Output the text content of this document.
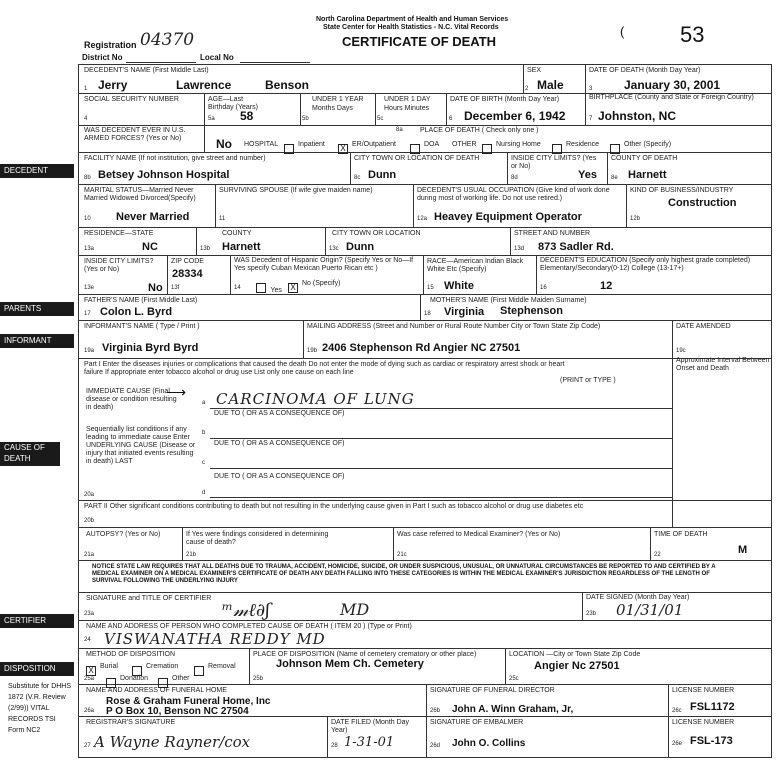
North Carolina Department of Health and Human Services
State Center for Health Statistics - N.C. Vital Records
CERTIFICATE OF DEATH	53
(
Registration 04370
District No	Local No
DECEDENT
PARENTS
INFORMANT
CAUSE OF DEATH
CERTIFIER
DISPOSITION
Substitute for DHHS 1872 (V.R. Review (2/99)) VITAL RECORDS TSI Form NC2
DECEDENT'S NAME (First Middle Last)
1 Jerry	Lawrence	Benson
SEX
2 Male
DATE OF DEATH (Month Day Year)
3	January 30, 2001
SOCIAL SECURITY NUMBER
4
AGE—Last Birthday (Years)
5a 58
UNDER 1 YEAR
Months Days
5b
UNDER 1 DAY
Hours Minutes
5c
DATE OF BIRTH (Month Day Year)
6 December 6, 1942
BIRTHPLACE (County and State or Foreign Country)
7 Johnston, NC
WAS DECEDENT EVER IN U.S. ARMED FORCES? (Yes or No)	No
PLACE OF DEATH ( Check only one )
8a
HOSPITAL	Inpatient X ER/Outpatient	DOA OTHER	Nursing Home	Residence	Other (Specify)
FACILITY NAME (If not institution, give street and number)
8b Betsey Johnson Hospital
CITY TOWN OR LOCATION OF DEATH
8c Dunn
INSIDE CITY LIMITS? (Yes or No)
8d	Yes
COUNTY OF DEATH
8e Harnett
MARITAL STATUS—Married Never Married Widowed Divorced(Specify)
10 Never Married
SURVIVING SPOUSE (If wife give maiden name)
11
DECEDENT'S USUAL OCCUPATION (Give kind of work done during most of working life. Do not use retired.)
12a Heavey Equipment Operator
KIND OF BUSINESS/INDUSTRY
12b
Construction
RESIDENCE—STATE
13a	NC
COUNTY
13b Harnett
CITY TOWN OR LOCATION
13c Dunn
STREET AND NUMBER
13d 873 Sadler Rd.
INSIDE CITY LIMITS? (Yes or No)
13e	No
ZIP CODE
13f
28334
WAS Decedent of Hispanic Origin? (Specify Yes or No—If Yes specify Cuban Mexican Puerto Rican etc )
14	Yes X No (Specify)
RACE—American Indian Black White Etc (Specify)
15 White
DECEDENT'S EDUCATION (Specify only highest grade completed) Elementary/Secondary(0-12) College (13-17+)
16	12
FATHER'S NAME (First Middle Last)
17 Colon L. Byrd
MOTHER'S NAME (First Middle Maiden Surname)
18 Virginia Stephenson
INFORMANT'S NAME ( Type / Print )
19a Virginia Byrd Byrd
MAILING ADDRESS (Street and Number or Rural Route Number City or Town State Zip Code)
19b 2406 Stephenson Rd Angier NC 27501
DATE AMENDED
19c
Part I Enter the diseases injuries or complications that caused the death Do not enter the mode of dying such as cardiac or respiratory arrest shock or heart failure If appropriate enter tobacco alcohol or drug use List only one cause on each line
(PRINT or TYPE )
Approximate Interval Between Onset and Death
IMMEDIATE CAUSE (Final disease or condition resulting in death)
⟶
a CARCINOMA OF LUNG
DUE TO ( OR AS A CONSEQUENCE OF)
Sequentially list conditions if any leading to immediate cause Enter UNDERLYING CAUSE (Disease or injury that initiated events resulting in death) LAST
b
DUE TO ( OR AS A CONSEQUENCE OF)
c
DUE TO ( OR AS A CONSEQUENCE OF)
d
20a
PART II Other significant conditions contributing to death but not resulting in the underlying cause given in Part I such as tobacco alcohol or drug use diabetes etc
20b
AUTOPSY? (Yes or No)
21a
If Yes were findings considered in determining cause of death?
21b
Was case referred to Medical Examiner? (Yes or No)
21c
TIME OF DEATH
22	M
NOTICE STATE LAW REQUIRES THAT ALL DEATHS DUE TO TRAUMA, ACCIDENT, HOMICIDE, SUICIDE, OR UNDER SUSPICIOUS, UNUSUAL, OR UNNATURAL CIRCUMSTANCES BE REPORTED TO AND CERTIFIED BY A MEDICAL EXAMINER ON A MEDICAL EXAMINER'S CERTIFICATE OF DEATH ANY DEATH FALLING INTO THESE CATEGORIES IS WITHIN THE MEDICAL EXAMINER'S JURISDICTION REGARDLESS OF THE LENGTH OF SURVIVAL FOLLOWING THE UNDERLYING INJURY
SIGNATURE and TITLE OF CERTIFIER
23a	ᵐ𝓂ℓ∂ʃ	MD
DATE SIGNED (Month Day Year)
23b 01/31/01
NAME AND ADDRESS OF PERSON WHO COMPLETED CAUSE OF DEATH ( ITEM 20 ) (Type or Print)
24 VISWANATHA REDDY MD
METHOD OF DISPOSITION
X Burial	Cremation	Removal
Donation	Other
25a
PLACE OF DISPOSITION (Name of cemetery crematory or other place)
25b
Johnson Mem Ch. Cemetery
LOCATION —City or Town State Zip Code
25c
Angier Nc 27501
NAME AND ADDRESS OF FUNERAL HOME
Rose & Graham Funeral Home, Inc
26a P O Box 10, Benson NC 27504
SIGNATURE OF FUNERAL DIRECTOR
26b John A. Winn Graham, Jr,
LICENSE NUMBER
26c FSL1172
REGISTRAR'S SIGNATURE
27 A Wayne Rayner/cox
DATE FILED (Month Day Year)
28 1-31-01
SIGNATURE OF EMBALMER
26d John O. Collins
LICENSE NUMBER
26e FSL-173
